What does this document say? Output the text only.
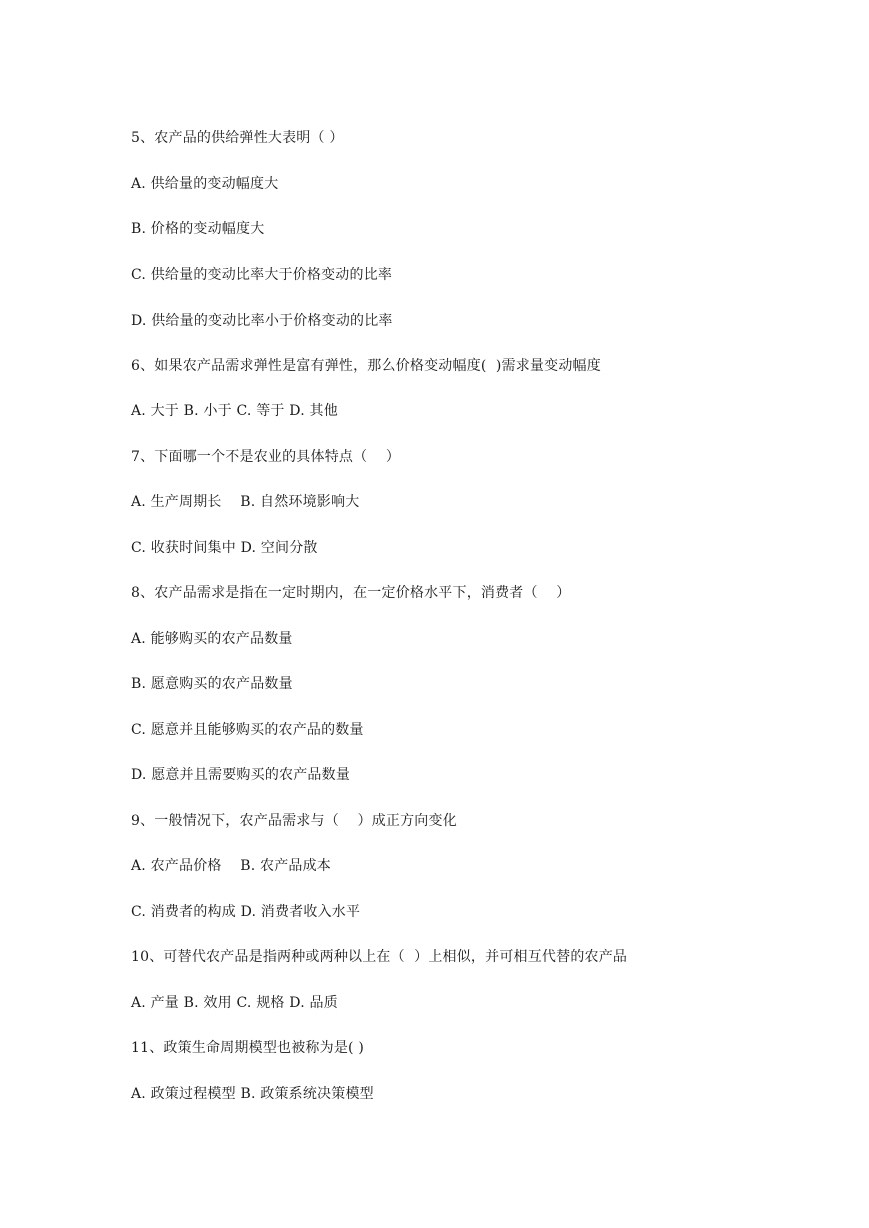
5、农产品的供给弹性大表明（ ）
A. 供给量的变动幅度大
B. 价格的变动幅度大
C. 供给量的变动比率大于价格变动的比率
D. 供给量的变动比率小于价格变动的比率
6、如果农产品需求弹性是富有弹性，那么价格变动幅度(  )需求量变动幅度
A. 大于 B. 小于 C. 等于 D. 其他
7、下面哪一个不是农业的具体特点（    ）
A. 生产周期长    B. 自然环境影响大
C. 收获时间集中 D. 空间分散
8、农产品需求是指在一定时期内，在一定价格水平下，消费者（    ）
A. 能够购买的农产品数量
B. 愿意购买的农产品数量
C. 愿意并且能够购买的农产品的数量
D. 愿意并且需要购买的农产品数量
9、一般情况下，农产品需求与（    ）成正方向变化
A. 农产品价格    B. 农产品成本
C. 消费者的构成 D. 消费者收入水平
10、可替代农产品是指两种或两种以上在（  ）上相似，并可相互代替的农产品
A. 产量 B. 效用 C. 规格 D. 品质
11、政策生命周期模型也被称为是( )
A. 政策过程模型 B. 政策系统决策模型
